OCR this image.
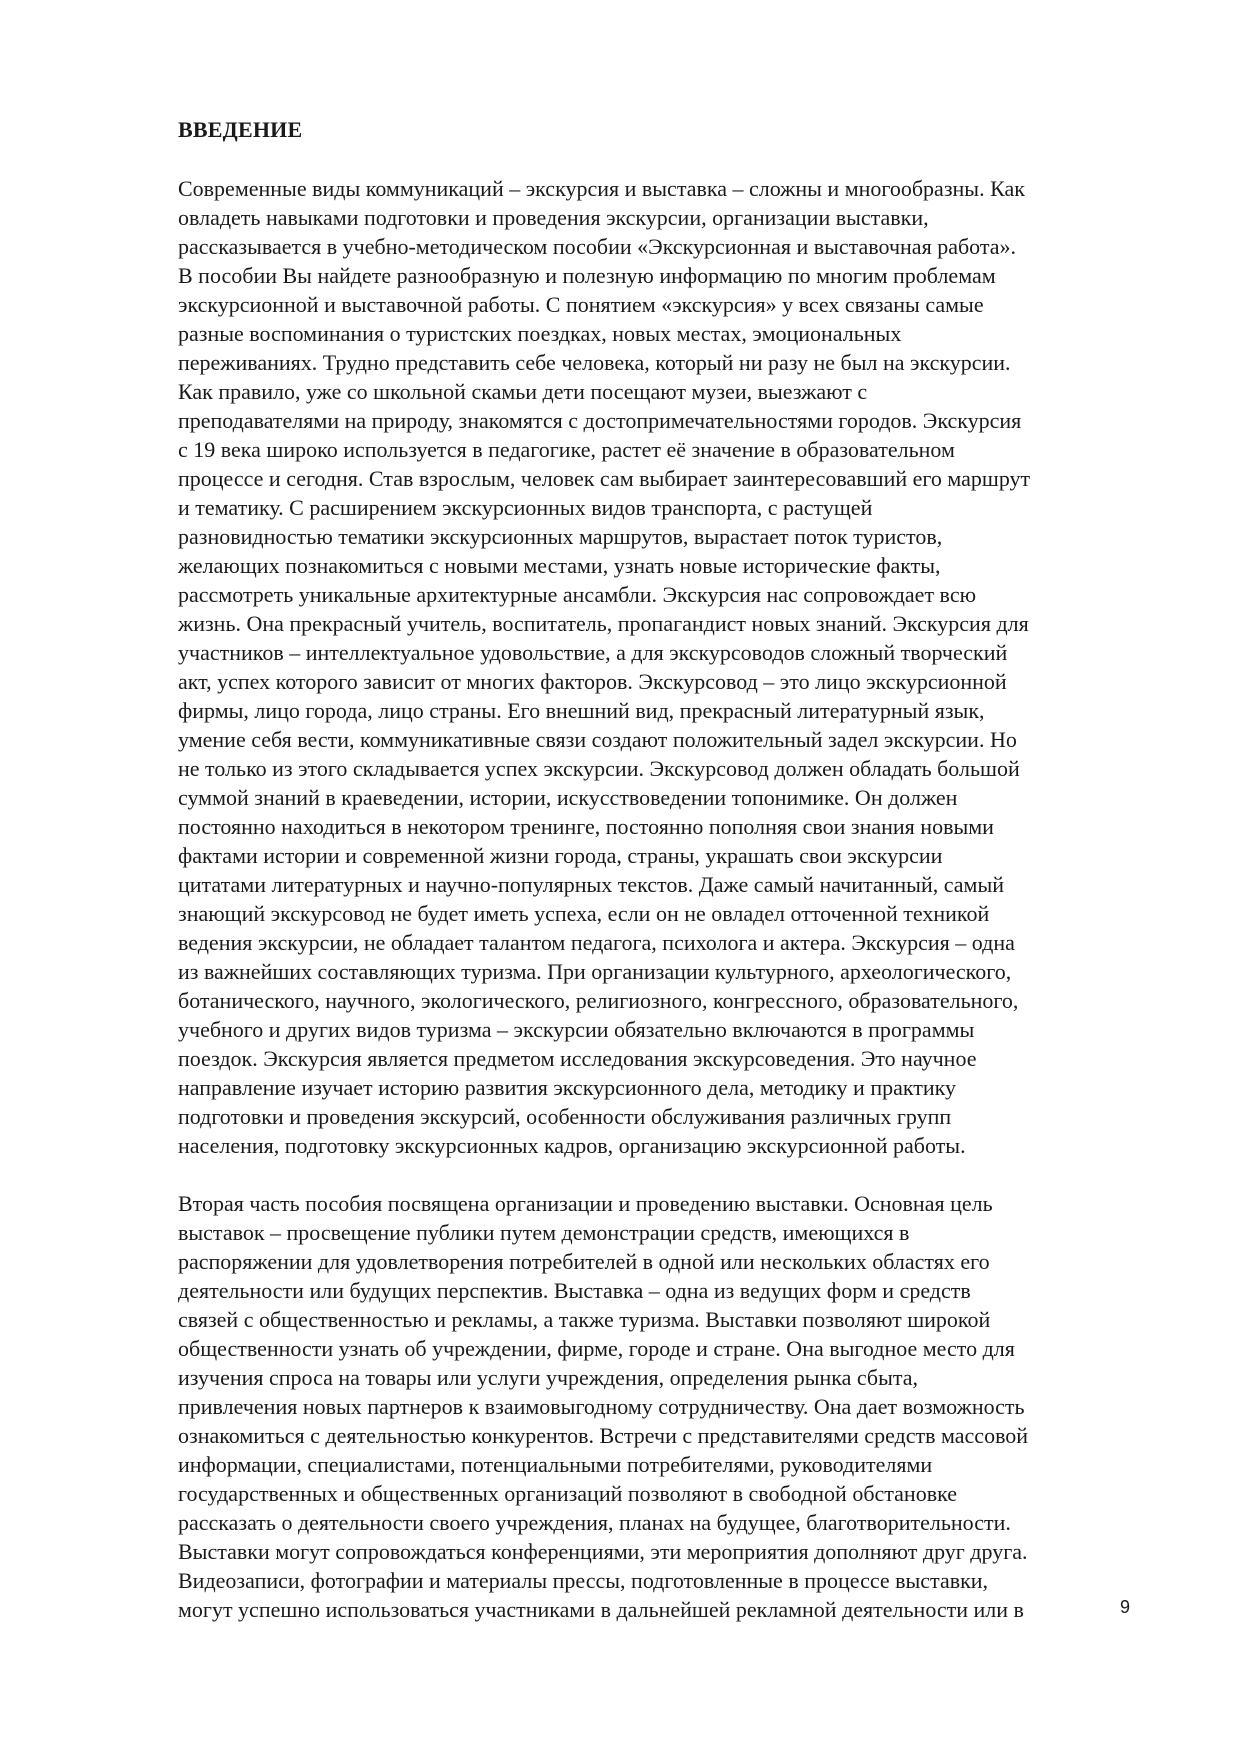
ВВЕДЕНИЕ
Современные виды коммуникаций – экскурсия и выставка – сложны и многообразны. Как
овладеть навыками подготовки и проведения экскурсии, организации выставки,
рассказывается в учебно-методическом пособии «Экскурсионная и выставочная работа».
В пособии Вы найдете разнообразную и полезную информацию по многим проблемам
экскурсионной и выставочной работы. С понятием «экскурсия» у всех связаны самые
разные воспоминания о туристских поездках, новых местах, эмоциональных
переживаниях. Трудно представить себе человека, который ни разу не был на экскурсии.
Как правило, уже со школьной скамьи дети посещают музеи, выезжают с
преподавателями на природу, знакомятся с достопримечательностями городов. Экскурсия
с 19 века широко используется в педагогике, растет её значение в образовательном
процессе и сегодня. Став взрослым, человек сам выбирает заинтересовавший его маршрут
и тематику. С расширением экскурсионных видов транспорта, с растущей
разновидностью тематики экскурсионных маршрутов, вырастает поток туристов,
желающих познакомиться с новыми местами, узнать новые исторические факты,
рассмотреть уникальные архитектурные ансамбли. Экскурсия нас сопровождает всю
жизнь. Она прекрасный учитель, воспитатель, пропагандист новых знаний. Экскурсия для
участников – интеллектуальное удовольствие, а для экскурсоводов сложный творческий
акт, успех которого зависит от многих факторов. Экскурсовод – это лицо экскурсионной
фирмы, лицо города, лицо страны. Его внешний вид, прекрасный литературный язык,
умение себя вести, коммуникативные связи создают положительный задел экскурсии. Но
не только из этого складывается успех экскурсии. Экскурсовод должен обладать большой
суммой знаний в краеведении, истории, искусствоведении топонимике. Он должен
постоянно находиться в некотором тренинге, постоянно пополняя свои знания новыми
фактами истории и современной жизни города, страны, украшать свои экскурсии
цитатами литературных и научно-популярных текстов. Даже самый начитанный, самый
знающий экскурсовод не будет иметь успеха, если он не овладел отточенной техникой
ведения экскурсии, не обладает талантом педагога, психолога и актера. Экскурсия – одна
из важнейших составляющих туризма. При организации культурного, археологического,
ботанического, научного, экологического, религиозного, конгрессного, образовательного,
учебного и других видов туризма – экскурсии обязательно включаются в программы
поездок. Экскурсия является предметом исследования экскурсоведения. Это научное
направление изучает историю развития экскурсионного дела, методику и практику
подготовки и проведения экскурсий, особенности обслуживания различных групп
населения, подготовку экскурсионных кадров, организацию экскурсионной работы.
Вторая часть пособия посвящена организации и проведению выставки. Основная цель
выставок – просвещение публики путем демонстрации средств, имеющихся в
распоряжении для удовлетворения потребителей в одной или нескольких областях его
деятельности или будущих перспектив. Выставка – одна из ведущих форм и средств
связей с общественностью и рекламы, а также туризма. Выставки позволяют широкой
общественности узнать об учреждении, фирме, городе и стране. Она выгодное место для
изучения спроса на товары или услуги учреждения, определения рынка сбыта,
привлечения новых партнеров к взаимовыгодному сотрудничеству. Она дает возможность
ознакомиться с деятельностью конкурентов. Встречи с представителями средств массовой
информации, специалистами, потенциальными потребителями, руководителями
государственных и общественных организаций позволяют в свободной обстановке
рассказать о деятельности своего учреждения, планах на будущее, благотворительности.
Выставки могут сопровождаться конференциями, эти мероприятия дополняют друг друга.
Видеозаписи, фотографии и материалы прессы, подготовленные в процессе выставки,
могут успешно использоваться участниками в дальнейшей рекламной деятельности или в	9
